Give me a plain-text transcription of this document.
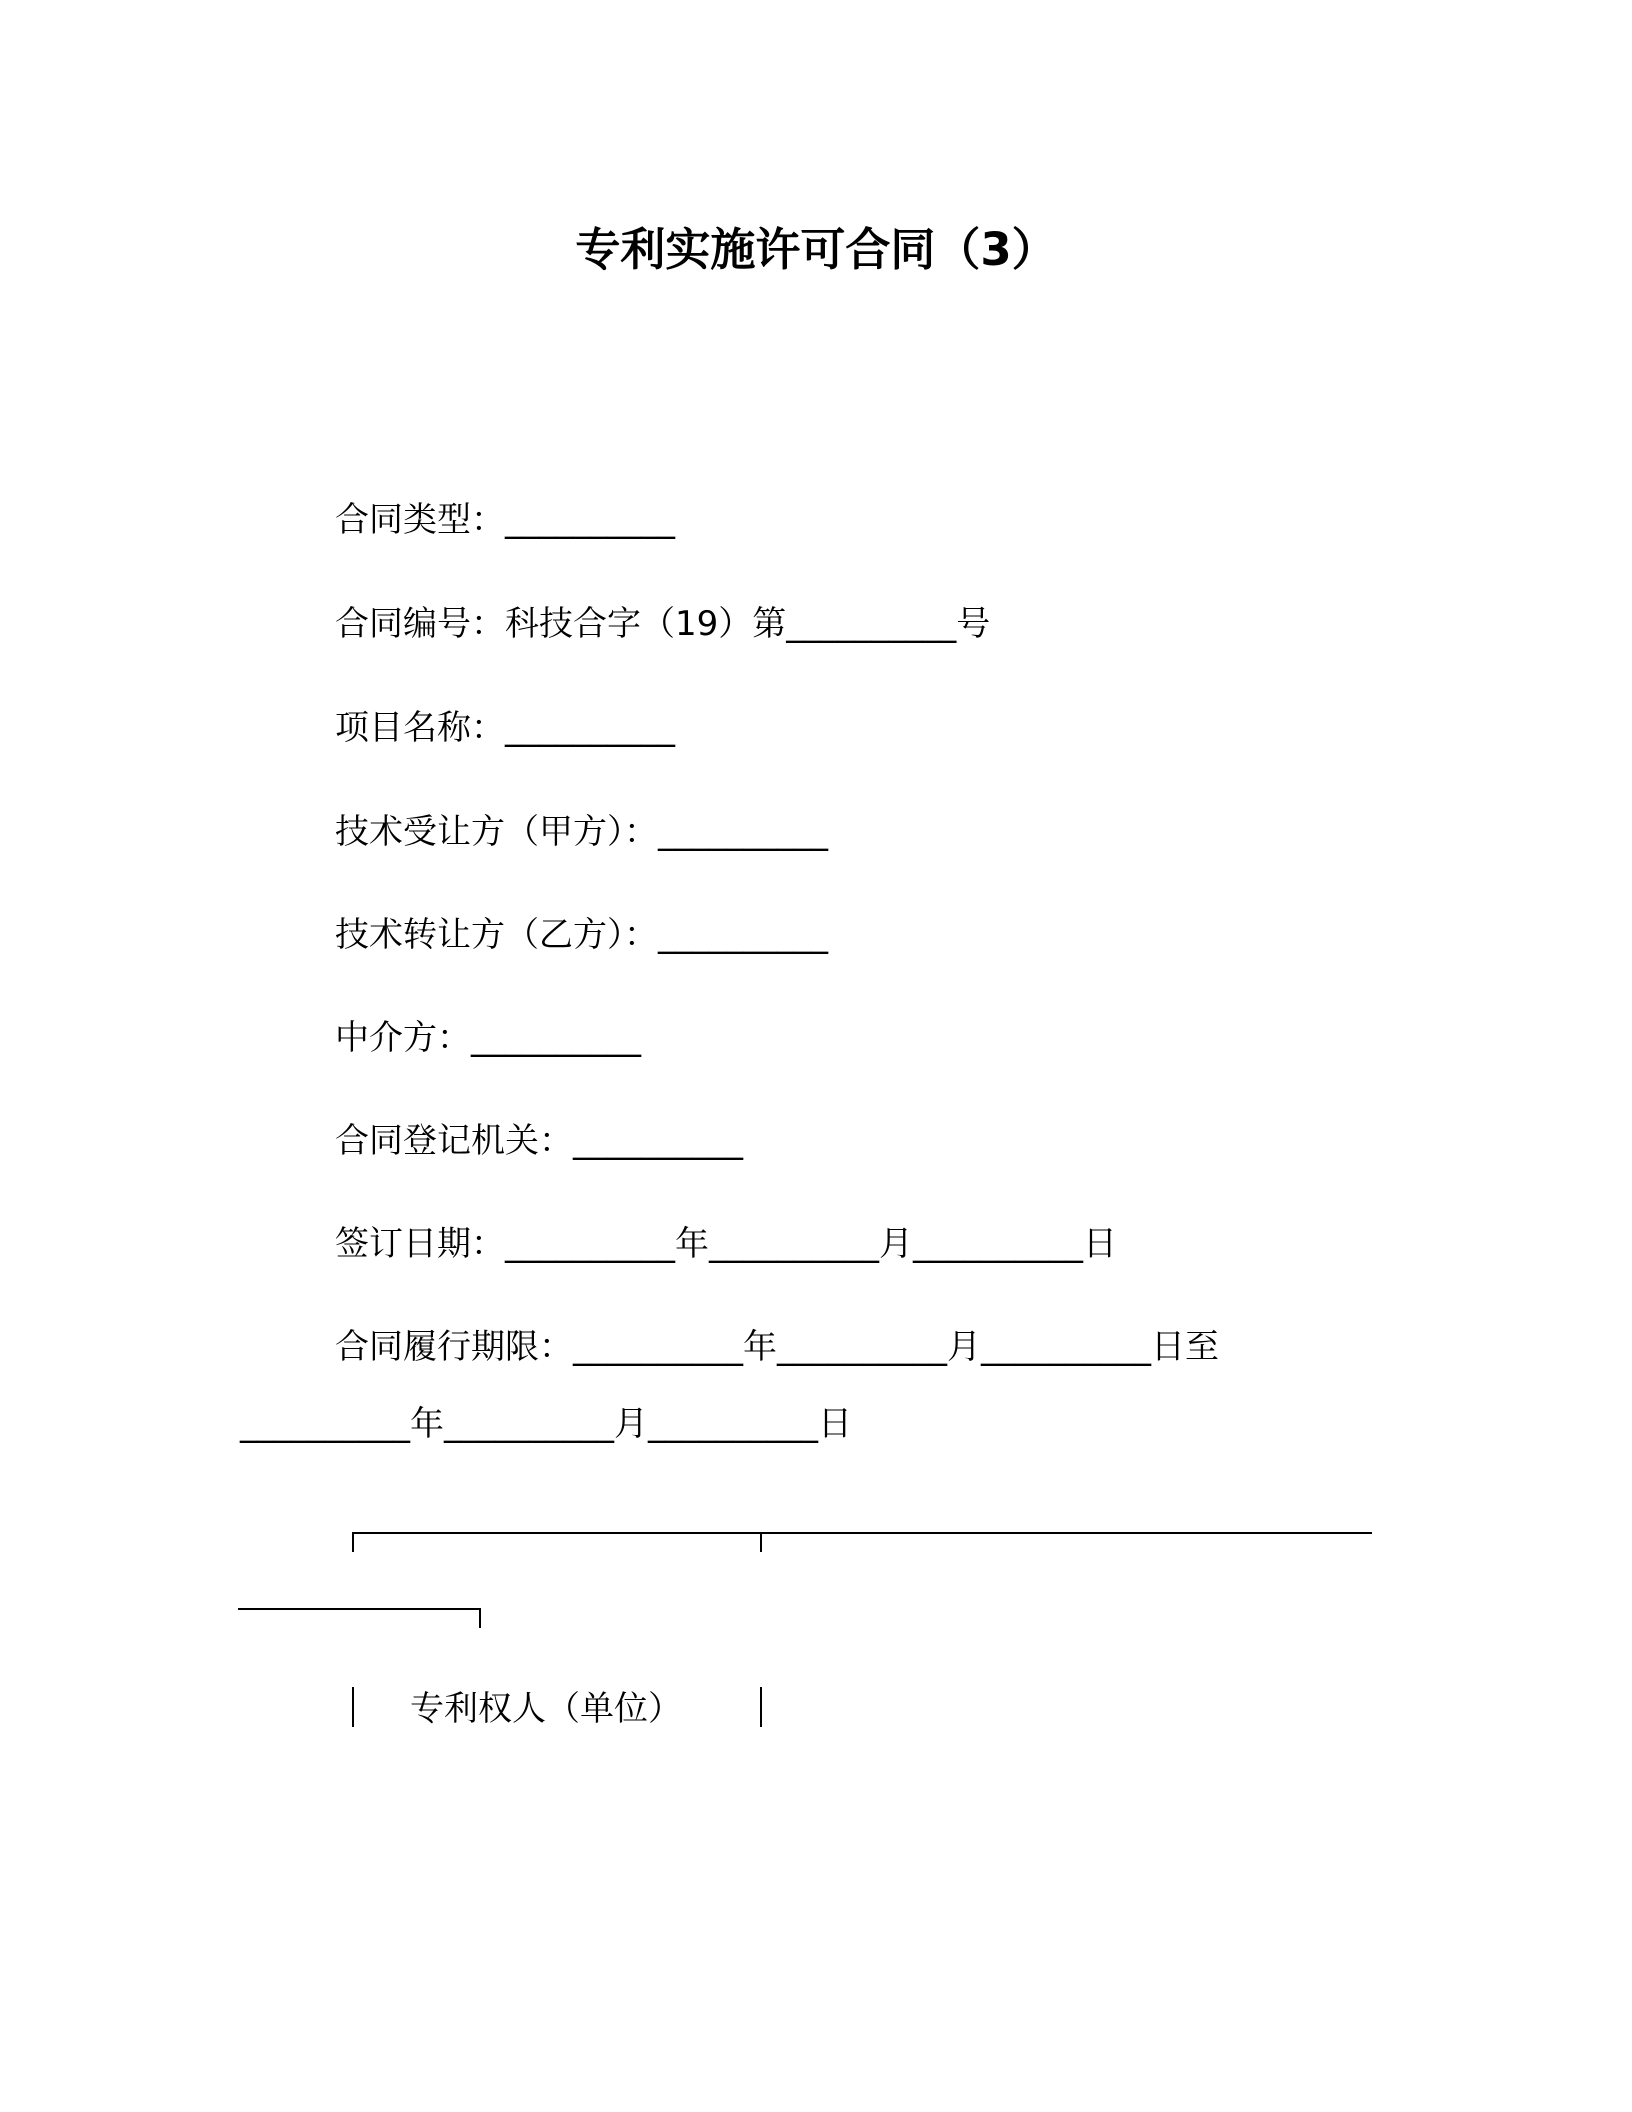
专利实施许可合同（3）
合同类型：__________
合同编号：科技合字（19）第__________号
项目名称：__________
技术受让方（甲方）：__________
技术转让方（乙方）：__________
中介方：__________
合同登记机关：__________
签订日期：__________年__________月__________日
合同履行期限：__________年__________月__________日至
__________年__________月__________日
专利权人（单位）
